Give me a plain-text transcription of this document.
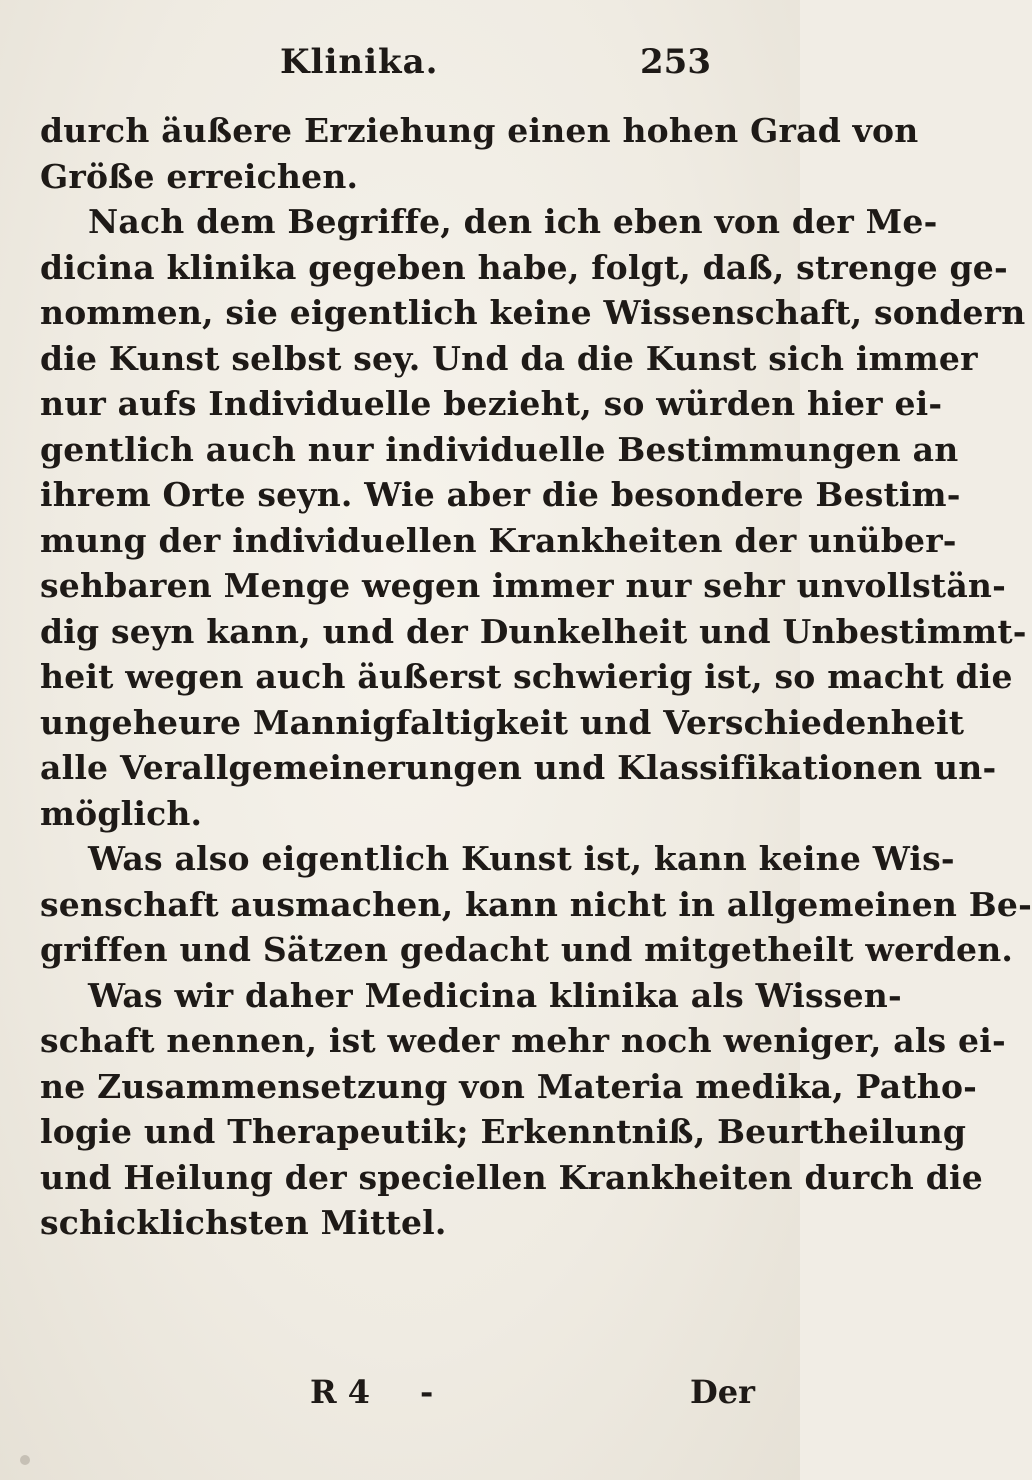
Klinika.	253
durch äußere Erziehung einen hohen Grad von
Größe erreichen.
Nach dem Begriffe, den ich eben von der Me-
dicina klinika gegeben habe, folgt, daß, strenge ge-
nommen, sie eigentlich keine Wissenschaft, sondern
die Kunst selbst sey. Und da die Kunst sich immer
nur aufs Individuelle bezieht, so würden hier ei-
gentlich auch nur individuelle Bestimmungen an
ihrem Orte seyn. Wie aber die besondere Bestim-
mung der individuellen Krankheiten der unüber-
sehbaren Menge wegen immer nur sehr unvollstän-
dig seyn kann, und der Dunkelheit und Unbestimmt-
heit wegen auch äußerst schwierig ist, so macht die
ungeheure Mannigfaltigkeit und Verschiedenheit
alle Verallgemeinerungen und Klassifikationen un-
möglich.
Was also eigentlich Kunst ist, kann keine Wis-
senschaft ausmachen, kann nicht in allgemeinen Be-
griffen und Sätzen gedacht und mitgetheilt werden.
Was wir daher Medicina klinika als Wissen-
schaft nennen, ist weder mehr noch weniger, als ei-
ne Zusammensetzung von Materia medika, Patho-
logie und Therapeutik; Erkenntniß, Beurtheilung
und Heilung der speciellen Krankheiten durch die
schicklichsten Mittel.
R 4 -	Der
